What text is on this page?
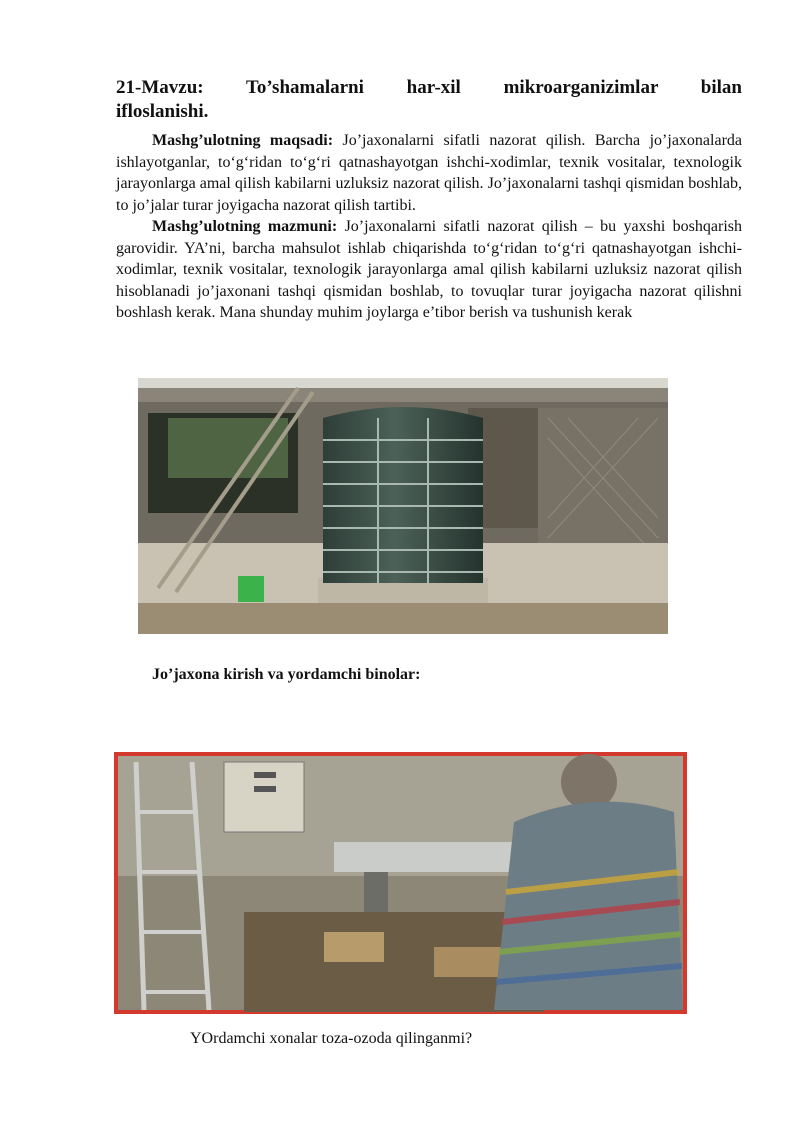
21-Mavzu: To’shamalarni har-xil mikroarganizimlar bilan
ifloslanishi.

Mashg’ulotning maqsadi: Jo’jaxonalarni sifatli nazorat qilish. Barcha jo’jaxonalarda ishlayotganlar, to‘g‘ridan to‘g‘ri qatnashayotgan ishchi-xodimlar, texnik vositalar, texnologik jarayonlarga amal qilish kabilarni uzluksiz nazorat qilish. Jo’jaxonalarni tashqi qismidan boshlab, to jo’jalar turar joyigacha nazorat qilish tartibi.

Mashg’ulotning mazmuni: Jo’jaxonalarni sifatli nazorat qilish – bu yaxshi boshqarish garovidir. YA’ni, barcha mahsulot ishlab chiqarishda to‘g‘ridan to‘g‘ri qatnashayotgan ishchi-xodimlar, texnik vositalar, texnologik jarayonlarga amal qilish kabilarni uzluksiz nazorat qilish hisoblanadi jo’jaxonani tashqi qismidan boshlab, to tovuqlar turar joyigacha nazorat qilishni boshlash kerak. Mana shunday muhim joylarga e’tibor berish va tushunish kerak

Jo’jaxona kirish va yordamchi binolar:
YOrdamchi xonalar toza-ozoda qilinganmi?
